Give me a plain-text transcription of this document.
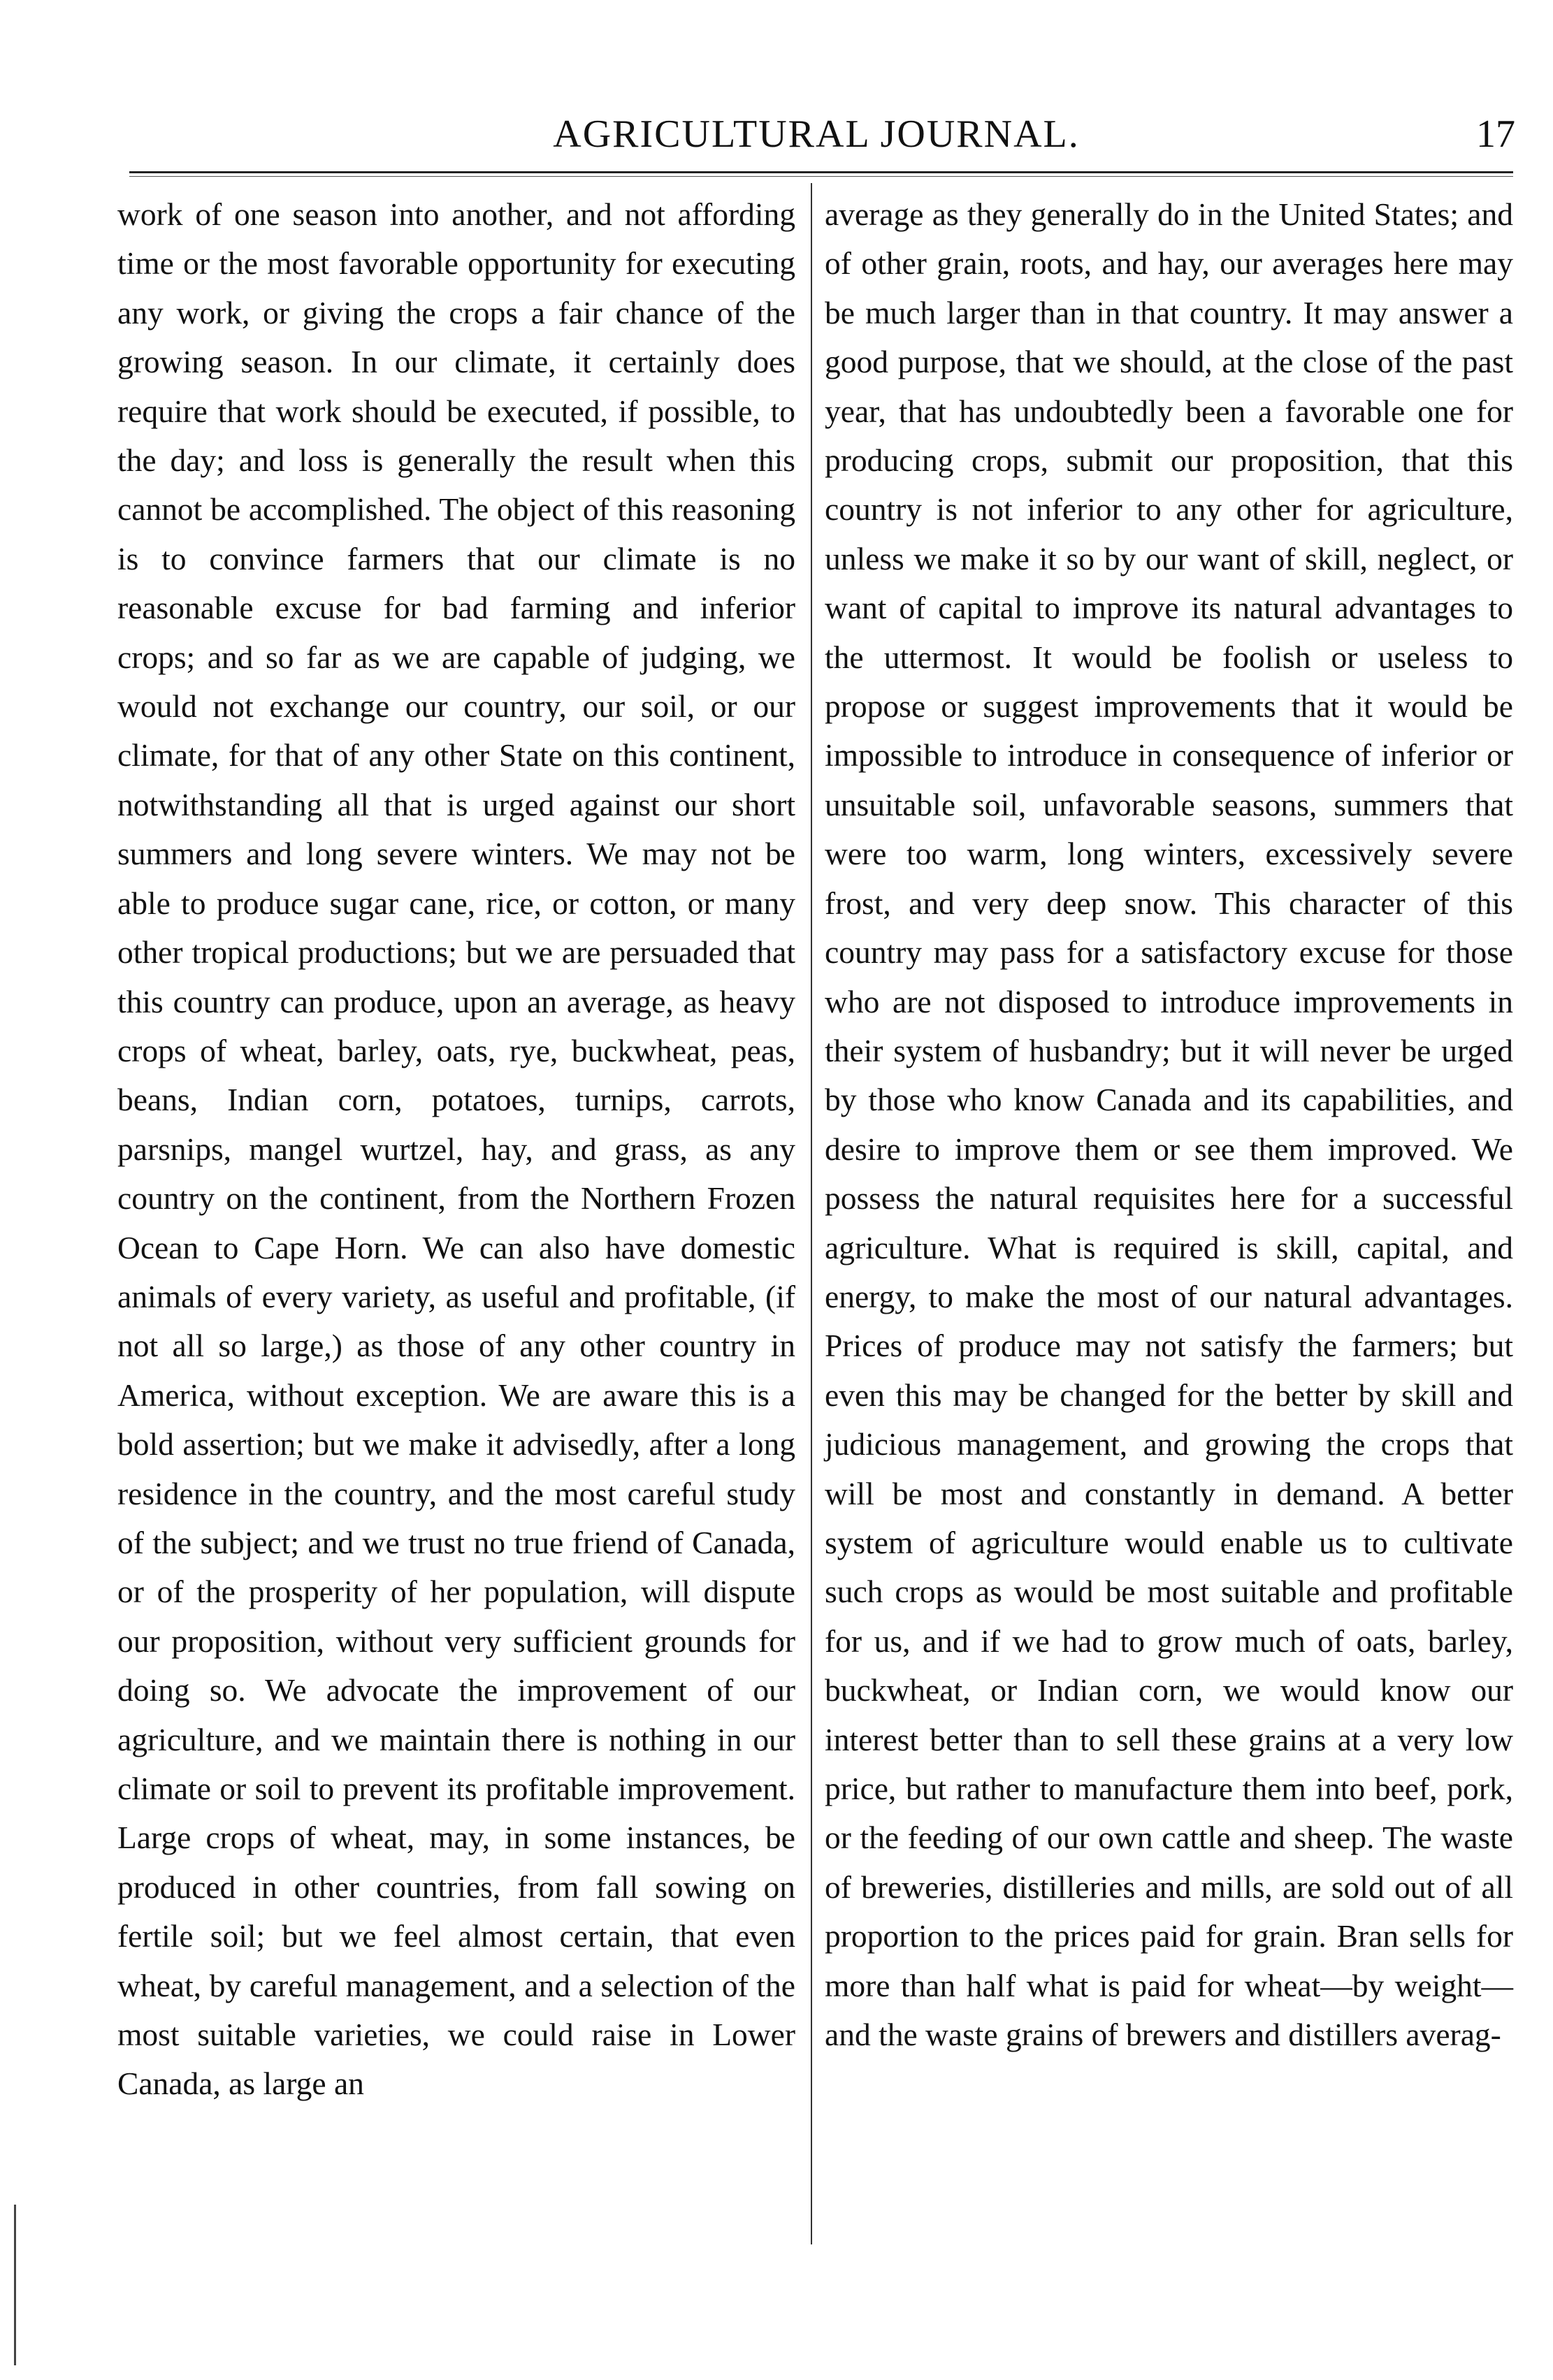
AGRICULTURAL JOURNAL.	17

work of one season into another, and not affording time or the most favorable opportunity for executing any work, or giving the crops a fair chance of the growing season. In our climate, it certainly does require that work should be executed, if possible, to the day; and loss is generally the result when this cannot be accomplished. The object of this reasoning is to convince farmers that our climate is no reasonable excuse for bad farming and inferior crops; and so far as we are capable of judging, we would not exchange our country, our soil, or our climate, for that of any other State on this continent, notwithstanding all that is urged against our short summers and long severe winters. We may not be able to produce sugar cane, rice, or cotton, or many other tropical productions; but we are persuaded that this country can produce, upon an average, as heavy crops of wheat, barley, oats, rye, buckwheat, peas, beans, Indian corn, potatoes, turnips, carrots, parsnips, mangel wurtzel, hay, and grass, as any country on the continent, from the Northern Frozen Ocean to Cape Horn. We can also have domestic animals of every variety, as useful and profitable, (if not all so large,) as those of any other country in America, without exception. We are aware this is a bold assertion; but we make it advisedly, after a long residence in the country, and the most careful study of the subject; and we trust no true friend of Canada, or of the prosperity of her population, will dispute our proposition, without very sufficient grounds for doing so. We advocate the improvement of our agriculture, and we maintain there is nothing in our climate or soil to prevent its profitable improvement. Large crops of wheat, may, in some instances, be produced in other countries, from fall sowing on fertile soil; but we feel almost certain, that even wheat, by careful management, and a selection of the most suitable varieties, we could raise in Lower Canada, as large an

average as they generally do in the United States; and of other grain, roots, and hay, our averages here may be much larger than in that country. It may answer a good purpose, that we should, at the close of the past year, that has undoubtedly been a favorable one for producing crops, submit our proposition, that this country is not inferior to any other for agriculture, unless we make it so by our want of skill, neglect, or want of capital to improve its natural advantages to the uttermost. It would be foolish or useless to propose or suggest improvements that it would be impossible to introduce in consequence of inferior or unsuitable soil, unfavorable seasons, summers that were too warm, long winters, excessively severe frost, and very deep snow. This character of this country may pass for a satisfactory excuse for those who are not disposed to introduce improvements in their system of husbandry; but it will never be urged by those who know Canada and its capabilities, and desire to improve them or see them improved. We possess the natural requisites here for a successful agriculture. What is required is skill, capital, and energy, to make the most of our natural advantages. Prices of produce may not satisfy the farmers; but even this may be changed for the better by skill and judicious management, and growing the crops that will be most and constantly in demand. A better system of agriculture would enable us to cultivate such crops as would be most suitable and profitable for us, and if we had to grow much of oats, barley, buckwheat, or Indian corn, we would know our interest better than to sell these grains at a very low price, but rather to manufacture them into beef, pork, or the feeding of our own cattle and sheep. The waste of breweries, distilleries and mills, are sold out of all proportion to the prices paid for grain. Bran sells for more than half what is paid for wheat—by weight—and the waste grains of brewers and distillers averag-
